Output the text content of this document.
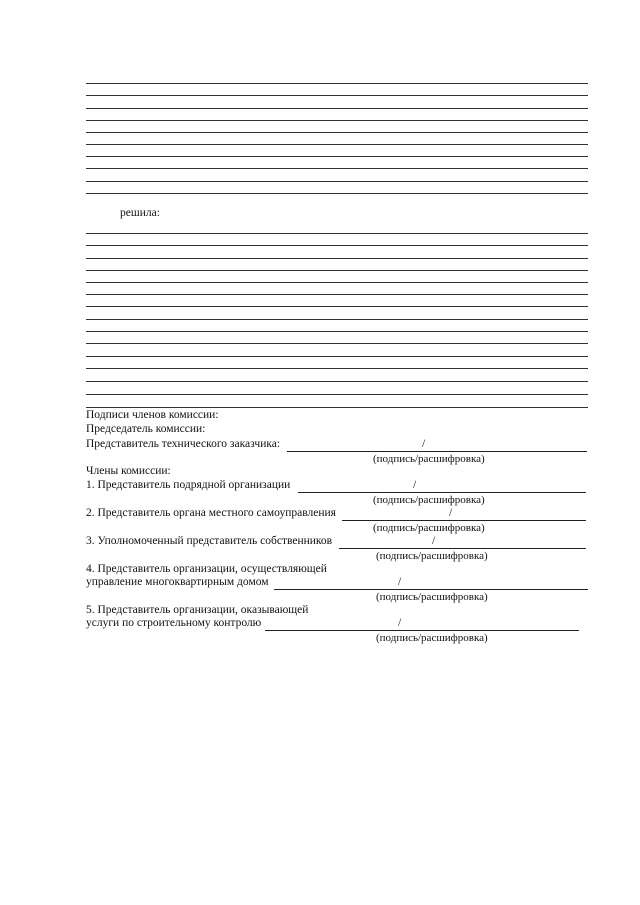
решила:
Подписи членов комиссии:
Председатель комиссии:
Представитель технического заказчика:	/
(подпись/расшифровка)
Члены комиссии:
1. Представитель подрядной организации	/
(подпись/расшифровка)
2. Представитель органа местного самоуправления	/
(подпись/расшифровка)
3. Уполномоченный представитель собственников	/
(подпись/расшифровка)
4. Представитель организации, осуществляющей
управление многоквартирным домом	/
(подпись/расшифровка)
5. Представитель организации, оказывающей
услуги по строительному контролю	/
(подпись/расшифровка)
